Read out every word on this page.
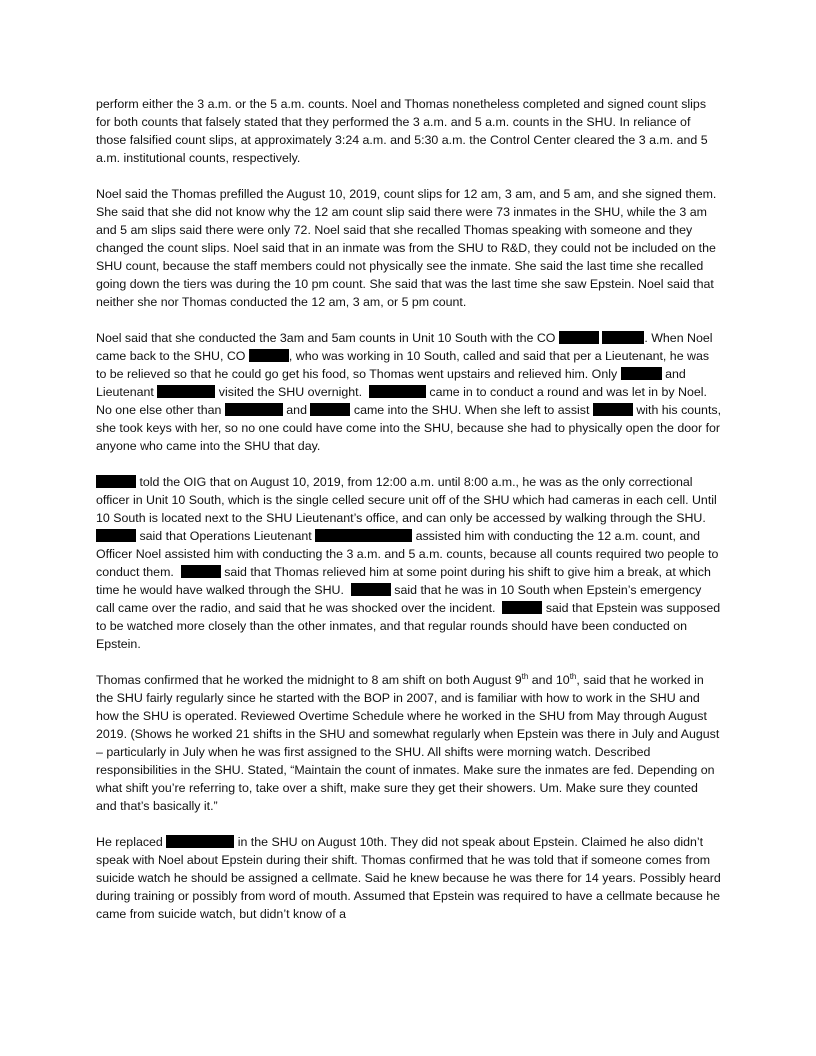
perform either the 3 a.m. or the 5 a.m. counts. Noel and Thomas nonetheless completed and signed count slips for both counts that falsely stated that they performed the 3 a.m. and 5 a.m. counts in the SHU. In reliance of those falsified count slips, at approximately 3:24 a.m. and 5:30 a.m. the Control Center cleared the 3 a.m. and 5 a.m. institutional counts, respectively.

Noel said the Thomas prefilled the August 10, 2019, count slips for 12 am, 3 am, and 5 am, and she signed them. She said that she did not know why the 12 am count slip said there were 73 inmates in the SHU, while the 3 am and 5 am slips said there were only 72. Noel said that she recalled Thomas speaking with someone and they changed the count slips. Noel said that in an inmate was from the SHU to R&D, they could not be included on the SHU count, because the staff members could not physically see the inmate. She said the last time she recalled going down the tiers was during the 10 pm count. She said that was the last time she saw Epstein. Noel said that neither she nor Thomas conducted the 12 am, 3 am, or 5 pm count.

Noel said that she conducted the 3am and 5am counts in Unit 10 South with the CO	. When Noel came back to the SHU, CO	, who was working in 10 South, called and said that per a Lieutenant, he was to be relieved so that he could go get his food, so Thomas went upstairs and relieved him. Only	and Lieutenant	visited the SHU overnight.	came in to conduct a round and was let in by Noel. No one else other than	and	came into the SHU. When she left to assist	with his counts, she took keys with her, so no one could have come into the SHU, because she had to physically open the door for anyone who came into the SHU that day.

told the OIG that on August 10, 2019, from 12:00 a.m. until 8:00 a.m., he was as the only correctional officer in Unit 10 South, which is the single celled secure unit off of the SHU which had cameras in each cell. Until 10 South is located next to the SHU Lieutenant’s office, and can only be accessed by walking through the SHU.   said that Operations Lieutenant	assisted him with conducting the 12 a.m. count, and Officer Noel assisted him with conducting the 3 a.m. and 5 a.m. counts, because all counts required two people to conduct them.	said that Thomas relieved him at some point during his shift to give him a break, at which time he would have walked through the SHU.	said that he was in 10 South when Epstein’s emergency call came over the radio, and said that he was shocked over the incident.	said that Epstein was supposed to be watched more closely than the other inmates, and that regular rounds should have been conducted on Epstein.

Thomas confirmed that he worked the midnight to 8 am shift on both August 9th and 10th, said that he worked in the SHU fairly regularly since he started with the BOP in 2007, and is familiar with how to work in the SHU and how the SHU is operated. Reviewed Overtime Schedule where he worked in the SHU from May through August 2019. (Shows he worked 21 shifts in the SHU and somewhat regularly when Epstein was there in July and August – particularly in July when he was first assigned to the SHU. All shifts were morning watch. Described responsibilities in the SHU. Stated, “Maintain the count of inmates. Make sure the inmates are fed. Depending on what shift you’re referring to, take over a shift, make sure they get their showers. Um. Make sure they counted and that’s basically it.”

He replaced	in the SHU on August 10th. They did not speak about Epstein. Claimed he also didn’t speak with Noel about Epstein during their shift. Thomas confirmed that he was told that if someone comes from suicide watch he should be assigned a cellmate. Said he knew because he was there for 14 years. Possibly heard during training or possibly from word of mouth. Assumed that Epstein was required to have a cellmate because he came from suicide watch, but didn’t know of a
